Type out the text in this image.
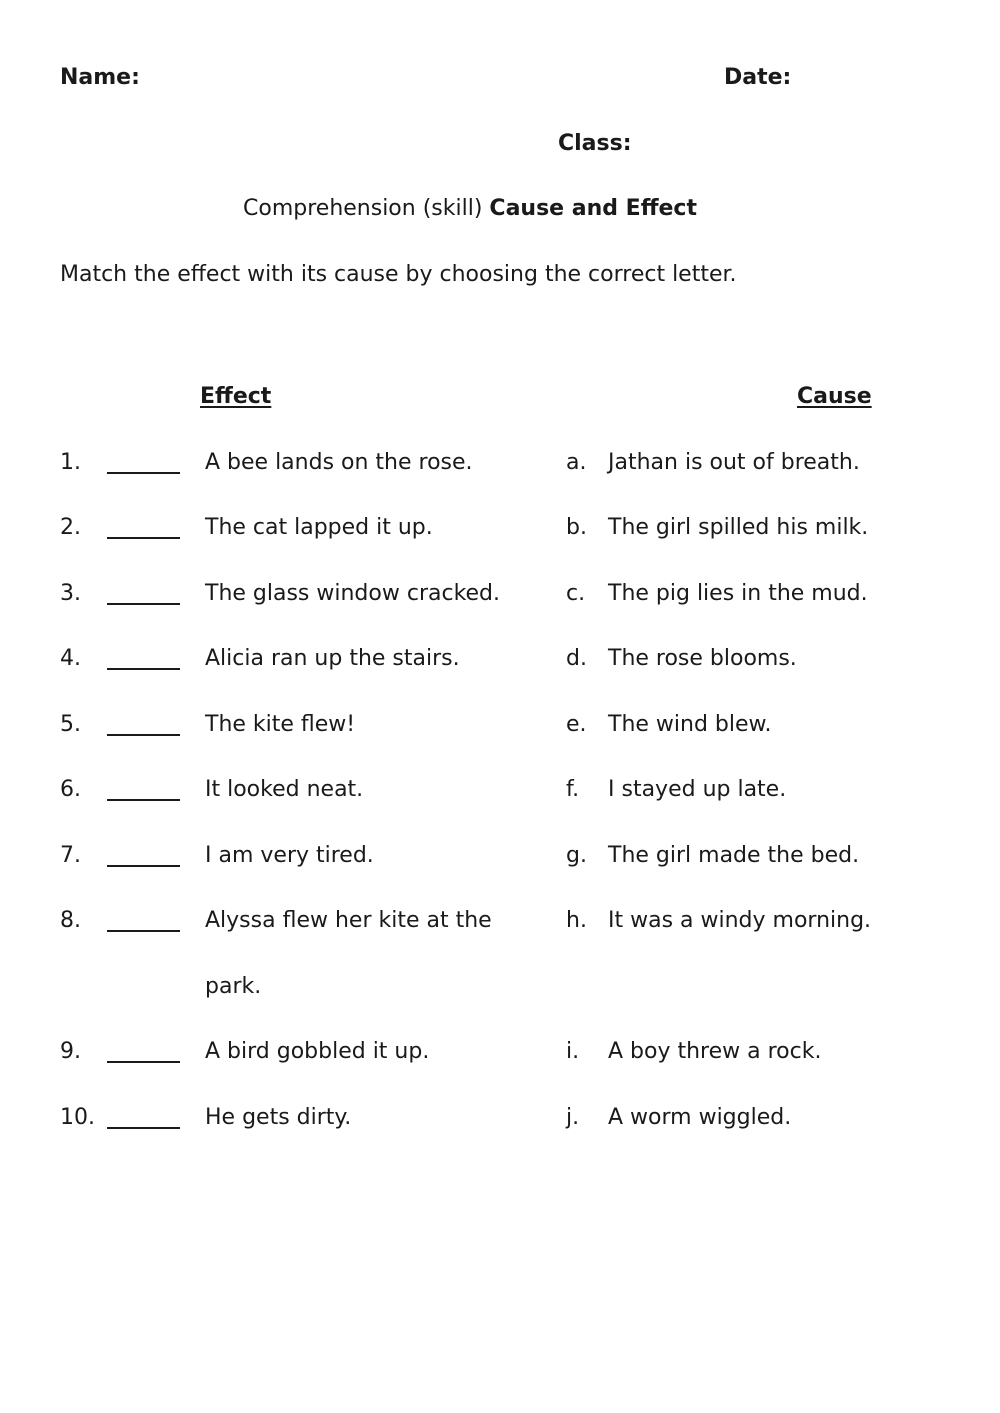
Name:	Date:
Class:
Comprehension (skill) Cause and Effect
Match the effect with its cause by choosing the correct letter.
Effect	Cause
1.	A bee lands on the rose.	a. Jathan is out of breath.
2.	The cat lapped it up.	b. The girl spilled his milk.
3.	The glass window cracked.	c. The pig lies in the mud.
4.	Alicia ran up the stairs.	d. The rose blooms.
5.	The kite flew!	e. The wind blew.
6.	It looked neat.	f. I stayed up late.
7.	I am very tired.	g. The girl made the bed.
8.	Alyssa flew her kite at the	h. It was a windy morning.
park.
9.	A bird gobbled it up.	i. A boy threw a rock.
10.	He gets dirty.	j. A worm wiggled.
